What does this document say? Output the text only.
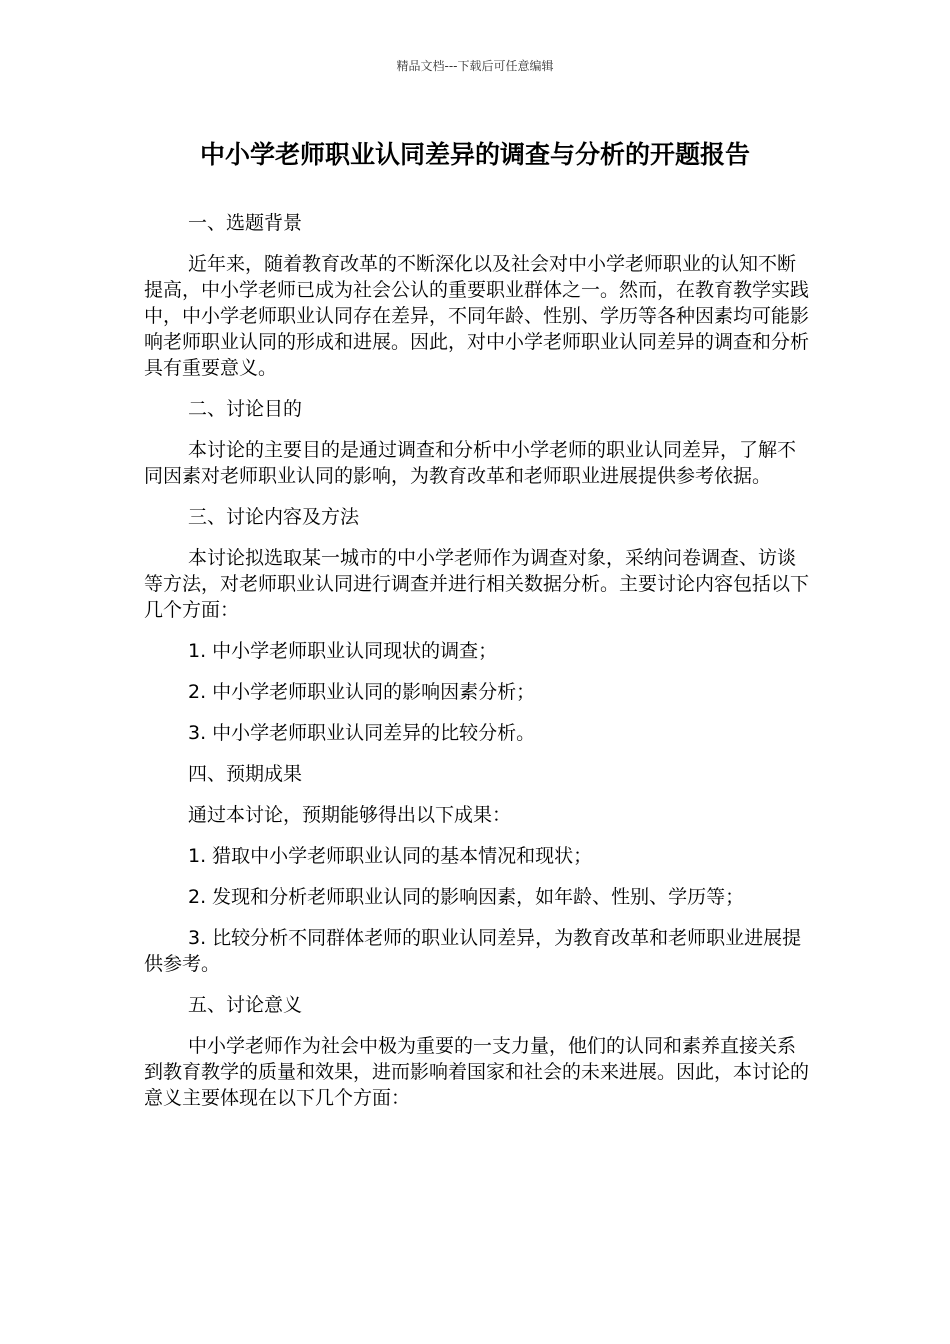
精品文档---下载后可任意编辑
中小学老师职业认同差异的调查与分析的开题报告

一、选题背景

近年来，随着教育改革的不断深化以及社会对中小学老师职业的认知不断提高，中小学老师已成为社会公认的重要职业群体之一。然而，在教育教学实践中，中小学老师职业认同存在差异，不同年龄、性别、学历等各种因素均可能影响老师职业认同的形成和进展。因此，对中小学老师职业认同差异的调查和分析具有重要意义。

二、讨论目的

本讨论的主要目的是通过调查和分析中小学老师的职业认同差异，了解不同因素对老师职业认同的影响，为教育改革和老师职业进展提供参考依据。

三、讨论内容及方法

本讨论拟选取某一城市的中小学老师作为调查对象，采纳问卷调查、访谈等方法，对老师职业认同进行调查并进行相关数据分析。主要讨论内容包括以下几个方面：

1. 中小学老师职业认同现状的调查；

2. 中小学老师职业认同的影响因素分析；

3. 中小学老师职业认同差异的比较分析。

四、预期成果

通过本讨论，预期能够得出以下成果：

1. 猎取中小学老师职业认同的基本情况和现状；

2. 发现和分析老师职业认同的影响因素，如年龄、性别、学历等；

3. 比较分析不同群体老师的职业认同差异，为教育改革和老师职业进展提供参考。

五、讨论意义

中小学老师作为社会中极为重要的一支力量，他们的认同和素养直接关系到教育教学的质量和效果，进而影响着国家和社会的未来进展。因此，本讨论的意义主要体现在以下几个方面：
